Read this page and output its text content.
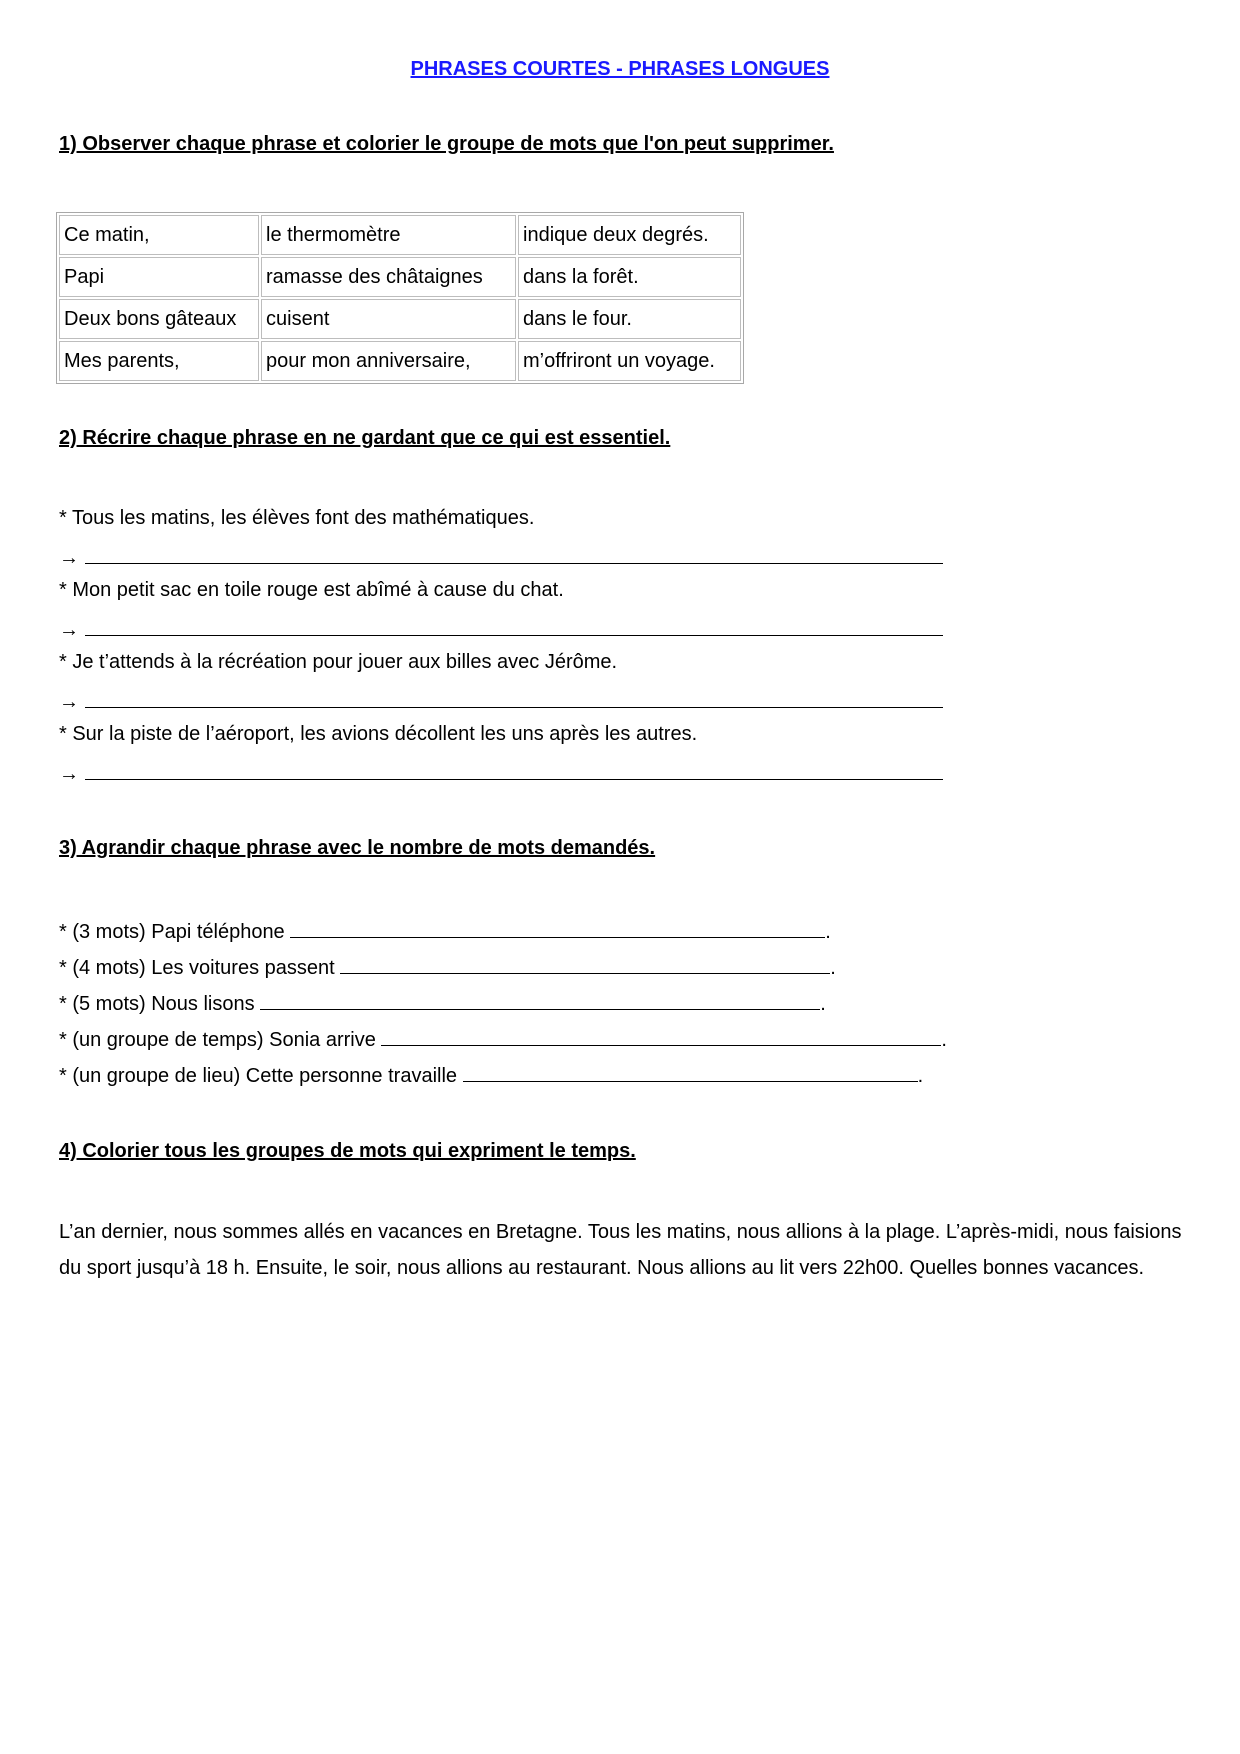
PHRASES COURTES - PHRASES LONGUES
1) Observer chaque phrase et colorier le groupe de mots que l'on peut supprimer.
Ce matin,	le thermomètre	indique deux degrés.
Papi	ramasse des châtaignes	dans la forêt.
Deux bons gâteaux	cuisent	dans le four.
Mes parents,	pour mon anniversaire,	m’offriront un voyage.
2) Récrire chaque phrase en ne gardant que ce qui est essentiel.
* Tous les matins, les élèves font des mathématiques.
→
* Mon petit sac en toile rouge est abîmé à cause du chat.
→
* Je t’attends à la récréation pour jouer aux billes avec Jérôme.
→
* Sur la piste de l’aéroport, les avions décollent les uns après les autres.
→
3) Agrandir chaque phrase avec le nombre de mots demandés.
* (3 mots) Papi téléphone	.
* (4 mots) Les voitures passent	.
* (5 mots) Nous lisons	.
* (un groupe de temps) Sonia arrive	.
* (un groupe de lieu) Cette personne travaille	.
4) Colorier tous les groupes de mots qui expriment le temps.
L’an dernier, nous sommes allés en vacances en Bretagne. Tous les matins, nous allions à la plage. L’après-midi, nous faisions du sport jusqu’à 18 h. Ensuite, le soir, nous allions au restaurant. Nous allions au lit vers 22h00. Quelles bonnes vacances.
